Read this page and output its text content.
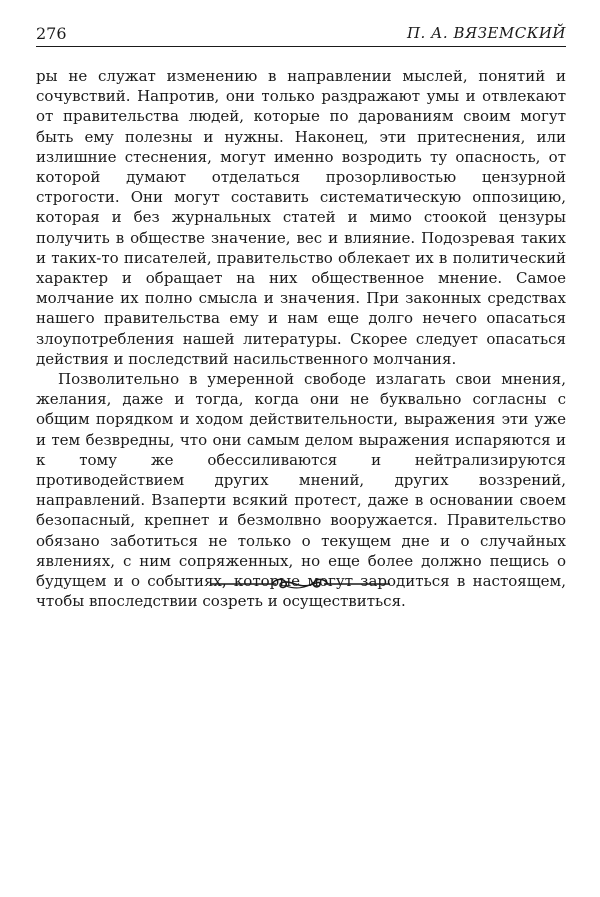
276	П. А. ВЯЗЕМСКИЙ

ры не служат изменению в направлении мыслей, понятий и сочувствий. Напротив, они только раздражают умы и отвлекают от правительства людей, которые по дарованиям своим могут быть ему полезны и нужны. Наконец, эти притеснения, или излишние стеснения, могут именно возродить ту опасность, от которой думают отделаться прозорливостью цензурной строгости. Они могут составить систематическую оппозицию, которая и без журнальных статей и мимо стоокой цензуры получить в обществе значение, вес и влияние. Подозревая таких и таких-то писателей, правительство облекает их в политический характер и обращает на них общественное мнение. Самое молчание их полно смысла и значения. При законных средствах нашего правительства ему и нам еще долго нечего опасаться злоупотребления нашей литературы. Скорее следует опасаться действия и последствий насильственного молчания.

Позволительно в умеренной свободе излагать свои мнения, желания, даже и тогда, когда они не буквально согласны с общим порядком и ходом действительности, выражения эти уже и тем безвредны, что они самым делом выражения испаряются и к тому же обессиливаются и нейтрализируются противодействием других мнений, других воззрений, направлений. Взаперти всякий протест, даже в основании своем безопасный, крепнет и безмолвно вооружается. Правительство обязано заботиться не только о текущем дне и о случайных явлениях, с ним сопряженных, но еще более должно пещись о будущем и о событиях, которые могут зародиться в настоящем, чтобы впоследствии созреть и осуществиться.
